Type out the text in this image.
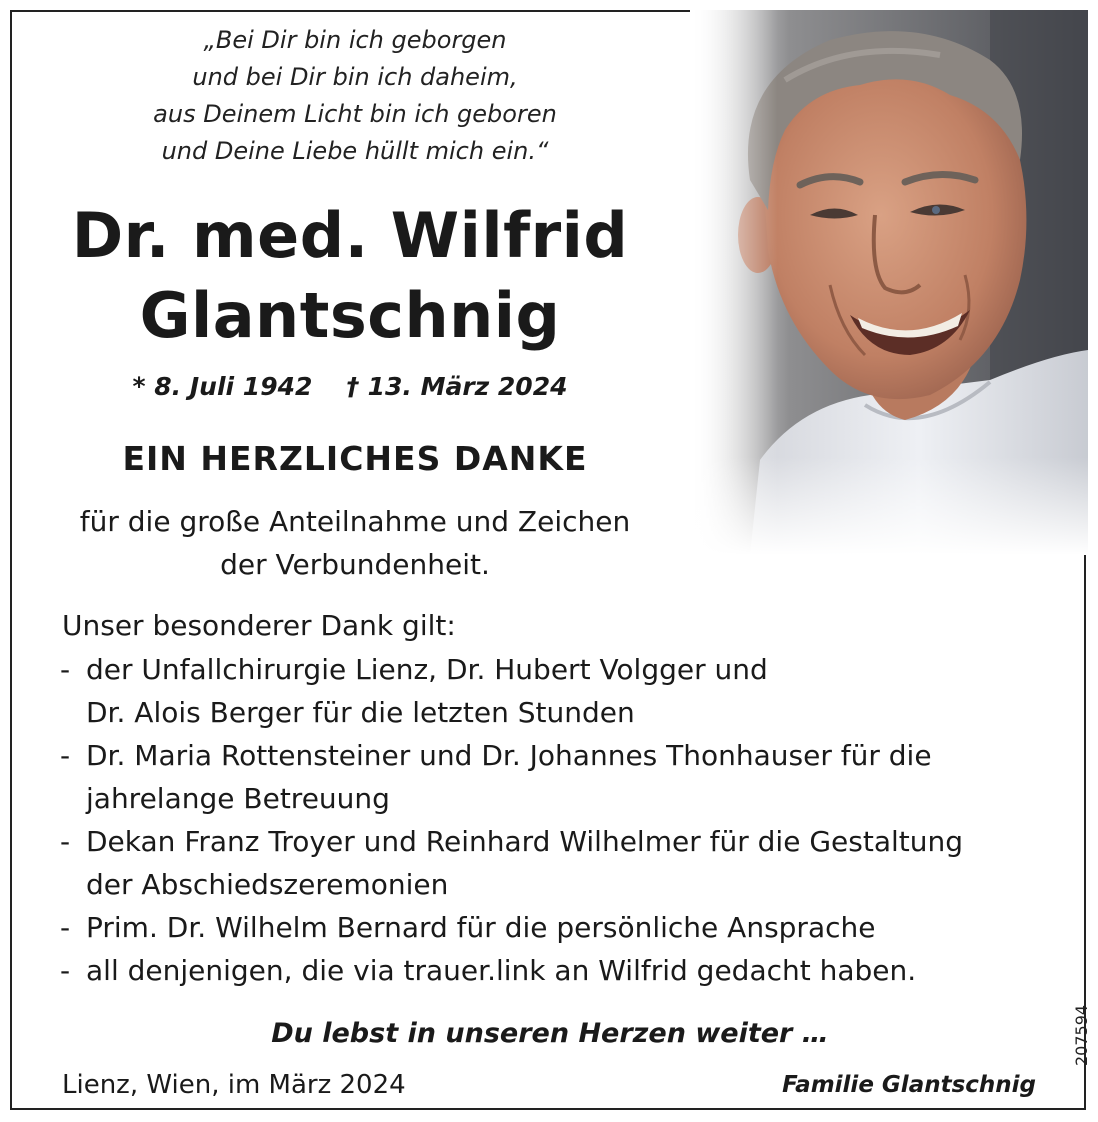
„Bei Dir bin ich geborgen
und bei Dir bin ich daheim,
aus Deinem Licht bin ich geboren
und Deine Liebe hüllt mich ein.“
Dr. med. Wilfrid
Glantschnig
* 8. Juli 1942 † 13. März 2024
EIN HERZLICHES DANKE
für die große Anteilnahme und Zeichen
der Verbundenheit.
Unser besonderer Dank gilt:
- der Unfallchirurgie Lienz, Dr. Hubert Volgger und
Dr. Alois Berger für die letzten Stunden
- Dr. Maria Rottensteiner und Dr. Johannes Thonhauser für die
jahrelange Betreuung
- Dekan Franz Troyer und Reinhard Wilhelmer für die Gestaltung
der Abschiedszeremonien
- Prim. Dr. Wilhelm Bernard für die persönliche Ansprache
- all denjenigen, die via trauer.link an Wilfrid gedacht haben.
Du lebst in unseren Herzen weiter …
Lienz, Wien, im März 2024	Familie Glantschnig
207594
